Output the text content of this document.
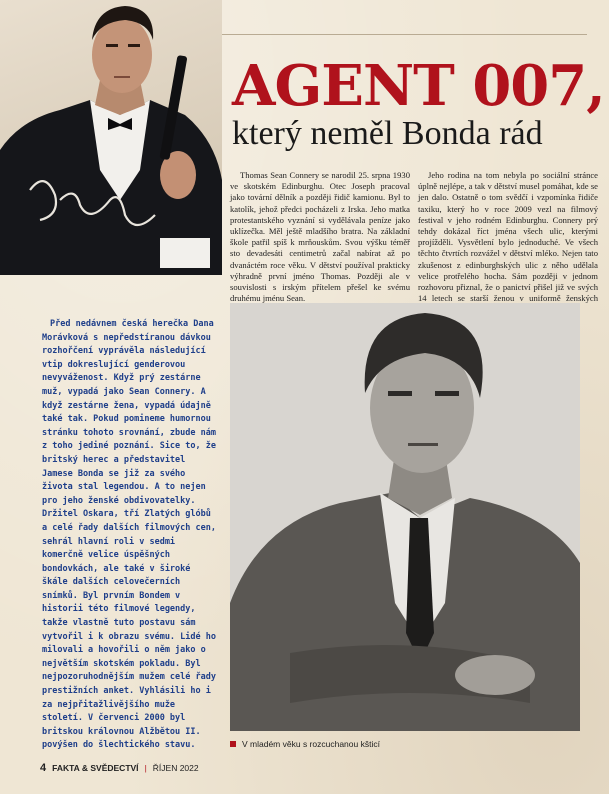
AGENT 007,
který neměl Bonda rád

Thomas Sean Connery se narodil 25. srpna 1930 ve skotském Edinburghu. Otec Joseph pracoval jako tovární dělník a později řidič kamionu. Byl to katolík, jehož předci pocházeli z Irska. Jeho matka protestantského vyznání si vydělávala peníze jako uklízečka. Měl ještě mladšího bratra. Na základní škole patřil spíš k mrňouskům. Svou výšku téměř sto devadesáti centimetrů začal nabírat až po dvanáctém roce věku. V dětství používal prakticky výhradně první jméno Thomas. Později ale v souvislosti s irským přítelem přešel ke svému druhému jménu Sean.

Jeho rodina na tom nebyla po sociální stránce úplně nejlépe, a tak v dětství musel pomáhat, kde se jen dalo. Ostatně o tom svědčí i vzpomínka řidiče taxiku, který ho v roce 2009 vezl na filmový festival v jeho rodném Edinburghu. Connery prý tehdy dokázal říct jména všech ulic, kterými projížděli. Vysvětlení bylo jednoduché. Ve všech těchto čtvrtích rozvážel v dětství mléko. Nejen tato zkušenost z edinburghských ulic z něho udělala velice protřelého hocha. Sám později v jednom rozhovoru přiznal, že o panictví přišel již ve svých 14 letech se starší ženou v uniformě ženských

Před nedávnem česká herečka Dana Morávková s nepředstíranou dávkou rozhořčení vyprávěla následující vtip dokreslující genderovou nevyváženost. Když prý zestárne muž, vypadá jako Sean Connery. A když zestárne žena, vypadá údajně také tak. Pokud pomineme humornou stránku tohoto srovnání, zbude nám z toho jediné poznání. Sice to, že britský herec a představitel Jamese Bonda se již za svého života stal legendou. A to nejen pro jeho ženské obdivovatelky. Držitel Oskara, tří Zlatých glóbů a celé řady dalších filmových cen, sehrál hlavní roli v sedmi komerčně velice úspěšných bondovkách, ale také v široké škále dalších celovečerních snímků. Byl prvním Bondem v historii této filmové legendy, takže vlastně tuto postavu sám vytvořil i k obrazu svému. Lidé ho milovali a hovořili o něm jako o největším skotském pokladu. Byl nejpozoruhodnějším mužem celé řady prestižních anket. Vyhlásili ho i za nejpřitažlivějšího muže století. V červenci 2000 byl britskou královnou Alžbětou II. povýšen do šlechtického stavu.	V mladém věku s rozcuchanou kšticí
4 FAKTA & SVĚDECTVÍ | ŘÍJEN 2022
